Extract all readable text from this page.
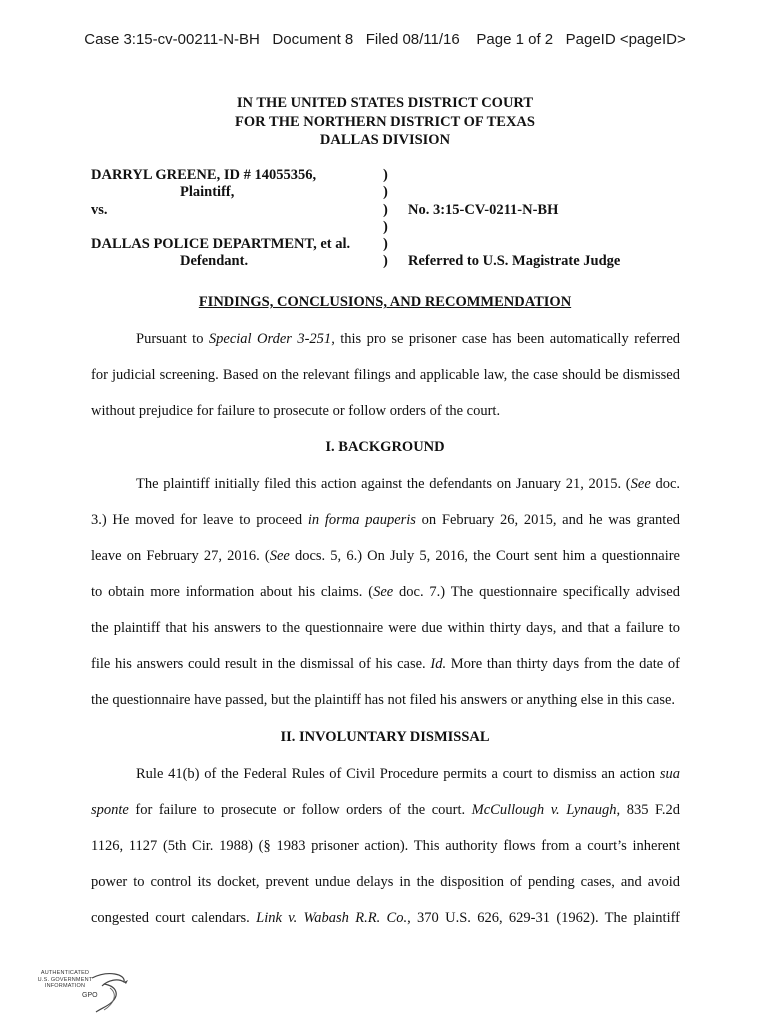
Case 3:15-cv-00211-N-BH   Document 8   Filed 08/11/16    Page 1 of 2   PageID <pageID>
IN THE UNITED STATES DISTRICT COURT
FOR THE NORTHERN DISTRICT OF TEXAS
DALLAS DIVISION
DARRYL GREENE, ID # 14055356,	)
Plaintiff,	)
vs.	) No. 3:15-CV-0211-N-BH
)
DALLAS POLICE DEPARTMENT, et al. )
Defendant.	) Referred to U.S. Magistrate Judge
FINDINGS, CONCLUSIONS, AND RECOMMENDATION
Pursuant to Special Order 3-251, this pro se prisoner case has been automatically referred
for judicial screening. Based on the relevant filings and applicable law, the case should be dismissed
without prejudice for failure to prosecute or follow orders of the court.
I. BACKGROUND
The plaintiff initially filed this action against the defendants on January 21, 2015. (See doc.
3.) He moved for leave to proceed in forma pauperis on February 26, 2015, and he was granted
leave on February 27, 2016. (See docs. 5, 6.) On July 5, 2016, the Court sent him a questionnaire
to obtain more information about his claims. (See doc. 7.) The questionnaire specifically advised
the plaintiff that his answers to the questionnaire were due within thirty days, and that a failure to
file his answers could result in the dismissal of his case. Id. More than thirty days from the date of
the questionnaire have passed, but the plaintiff has not filed his answers or anything else in this case.
II. INVOLUNTARY DISMISSAL
Rule 41(b) of the Federal Rules of Civil Procedure permits a court to dismiss an action sua
sponte for failure to prosecute or follow orders of the court. McCullough v. Lynaugh, 835 F.2d
1126, 1127 (5th Cir. 1988) (§ 1983 prisoner action). This authority flows from a court’s inherent
power to control its docket, prevent undue delays in the disposition of pending cases, and avoid
congested court calendars. Link v. Wabash R.R. Co., 370 U.S. 626, 629-31 (1962). The plaintiff
AUTHENTICATED
U.S. GOVERNMENT
INFORMATION
GPO
